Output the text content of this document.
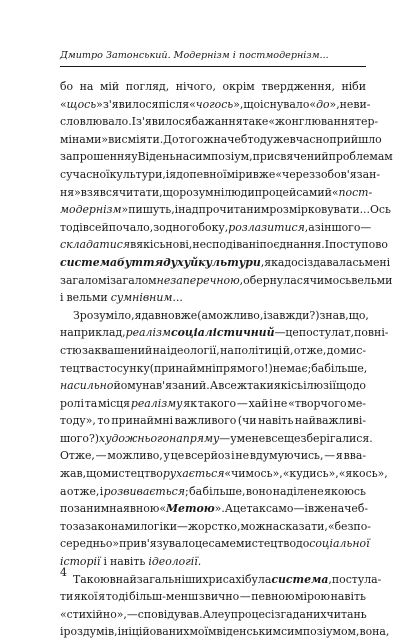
Дмитро Затонський. Модернізм і постмодернізм...
бо на мій погляд, нічого, окрім твердження, ніби
«щось» з'явилося після «чогось», що існувало «до», не ви-
словлювало. І з'явилося бажання таке «жонглювання тер-
мінами» висміяти. До того ж начебто дуже вчасно прийшло
запрошення у Відень на симпозіум, присвячений проблемам
сучасної культури, і я до певної міри вже «через зобов'язан-
ня» взявся читати, що розумні люди про цей самий «пост-
модернізм» пишуть, і над прочитаним розмірковувати... Ось
тоді все й почало, з одного боку, розлазитися, а з іншого —
складатися в якісь нові, несподівані поєднання. І поступово
система буття духу й культури, яка досі здавалась мені
загалом і загалом незаперечною, обернулася чимось вельми
і вельми сумнівним...
Зрозуміло, я давно вже (а можливо, і завжди?) знав, що,
наприклад, реалізм соціалістичний — це постулат, повні-
стю заквашений на ідеології, на політиці й, отже, до мис-
тецтва стосунку (принаймні прямого!) не має; ба більше,
насильно йому нав'язаний. А все ж таки якісь ілюзії щодо
ролі та місця реалізму як такого — хай і не «творчого ме-
тоду», то принаймні важливого (чи навіть найважливі-
шого?) художнього напряму — у мене все ще зберігалися.
Отже, — можливо, у це всерйоз і не вдумуючись, — я вва-
жав, що мистецтво рухається «чимось», «кудись», «якось»,
а отже, і розвивається; ба більше, воно наділене якоюсь
поза ним наявною «Метою». А це так само — і вже начеб-
то за законами логіки — жорстко, можна сказати, «безпо-
середньо» прив'язувало це саме мистецтво до соціальної
історії і навіть ідеології.
Такою в найзагальніших рисах і була система, постула-
ти якої я тоді більш-менш звично — певною мірою навіть
«стихійно», — сповідував. Але у процесі згаданих читань
і роздумів, ініційованих моїм віденським симпозіумом, вона,
4
